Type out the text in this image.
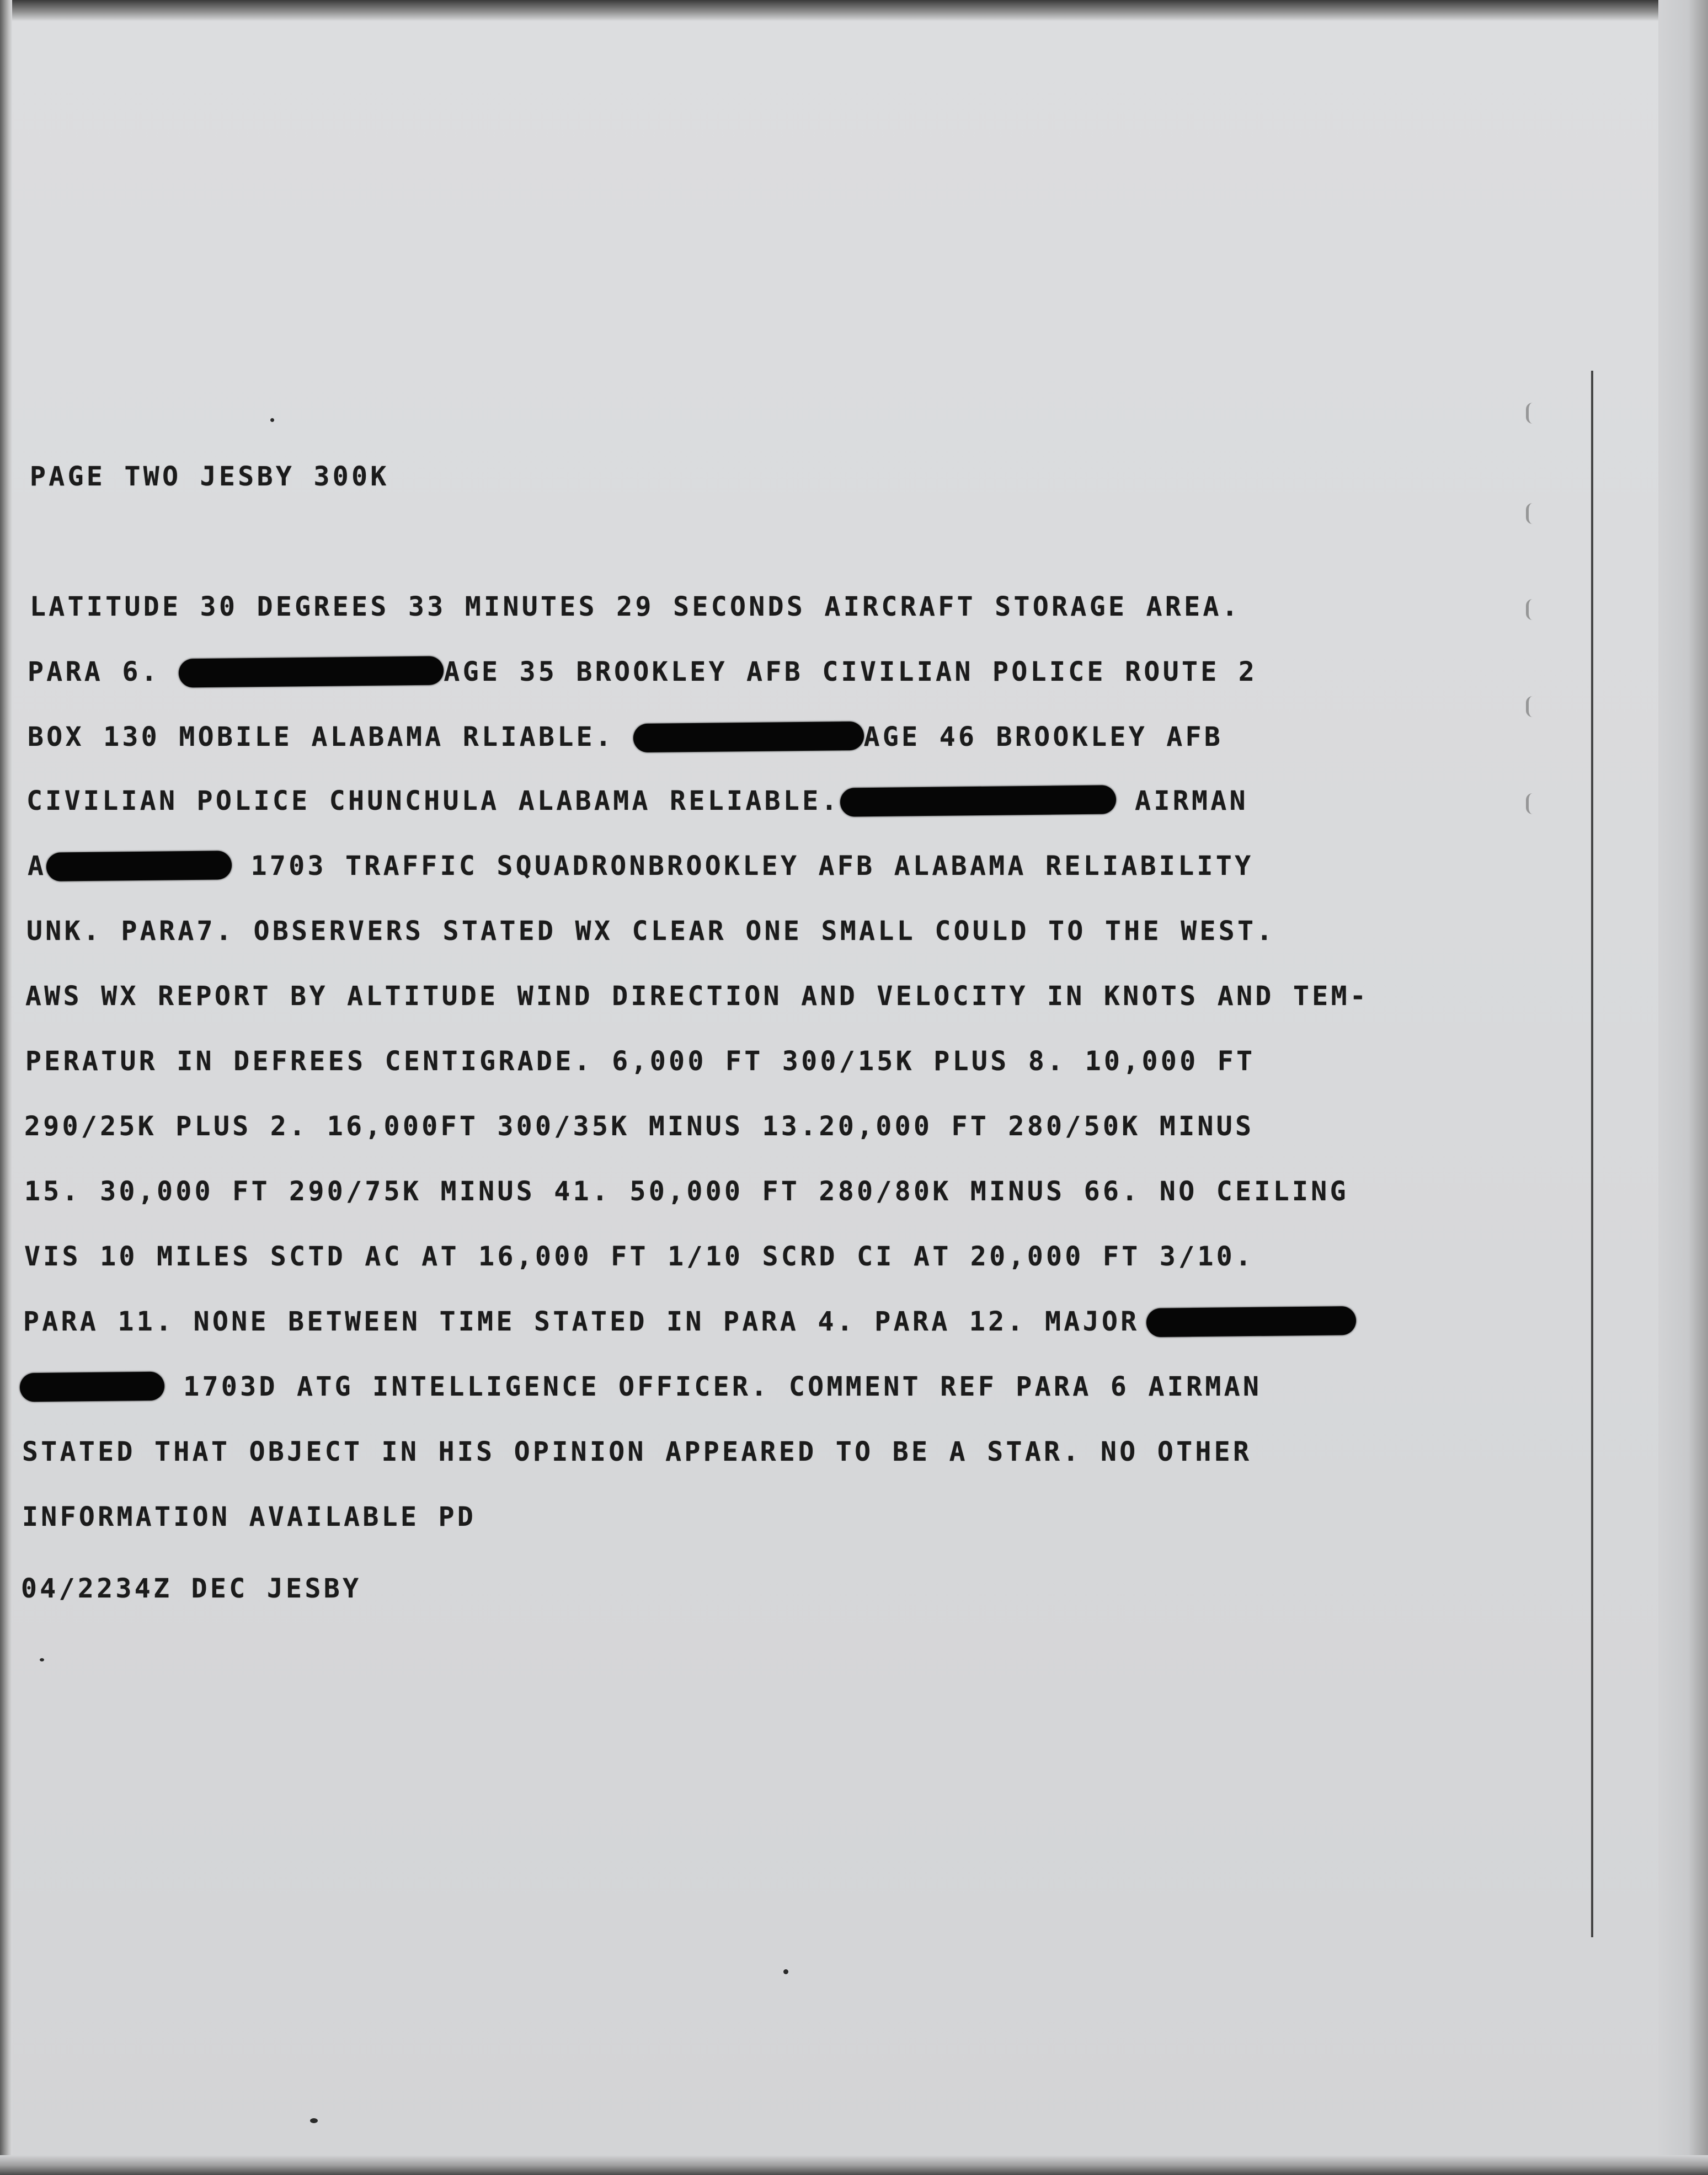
PAGE TWO JESBY 300K

LATITUDE 30 DEGREES 33 MINUTES 29 SECONDS AIRCRAFT STORAGE AREA.

PARA 6.	AGE 35 BROOKLEY AFB CIVILIAN POLICE ROUTE 2

BOX 130 MOBILE ALABAMA RLIABLE.	AGE 46 BROOKLEY AFB

CIVILIAN POLICE CHUNCHULA ALABAMA RELIABLE.	AIRMAN

A	1703 TRAFFIC SQUADRONBROOKLEY AFB ALABAMA RELIABILITY

UNK. PARA7. OBSERVERS STATED WX CLEAR ONE SMALL COULD TO THE WEST.

AWS WX REPORT BY ALTITUDE WIND DIRECTION AND VELOCITY IN KNOTS AND TEM-

PERATUR IN DEFREES CENTIGRADE. 6,000 FT 300/15K PLUS 8. 10,000 FT

290/25K PLUS 2. 16,000FT 300/35K MINUS 13.20,000 FT 280/50K MINUS

15. 30,000 FT 290/75K MINUS 41. 50,000 FT 280/80K MINUS 66. NO CEILING

VIS 10 MILES SCTD AC AT 16,000 FT 1/10 SCRD CI AT 20,000 FT 3/10.

PARA 11. NONE BETWEEN TIME STATED IN PARA 4. PARA 12. MAJOR

1703D ATG INTELLIGENCE OFFICER. COMMENT REF PARA 6 AIRMAN

STATED THAT OBJECT IN HIS OPINION APPEARED TO BE A STAR. NO OTHER

INFORMATION AVAILABLE PD

04/2234Z DEC JESBY
